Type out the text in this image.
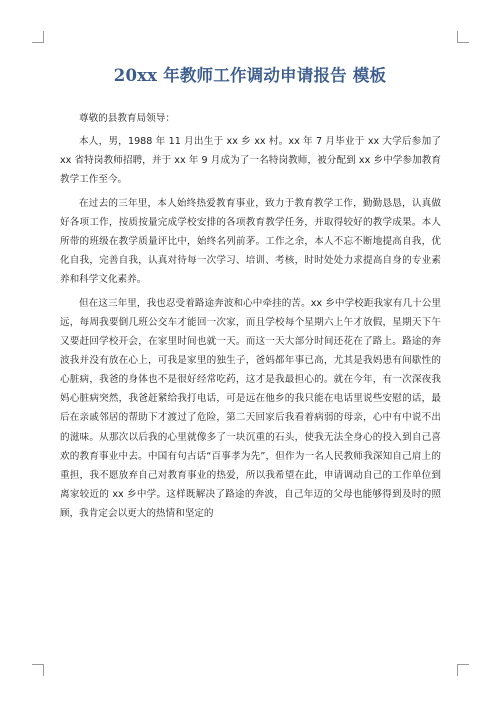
20xx 年教师工作调动申请报告 模板

尊敬的县教育局领导：

本人，男，1988 年 11 月出生于 xx 乡 xx 村。xx 年 7 月毕业于 xx 大学后参加了 xx 省特岗教师招聘，并于 xx 年 9 月成为了一名特岗教师，被分配到 xx 乡中学参加教育教学工作至今。

在过去的三年里，本人始终热爱教育事业，致力于教育教学工作，勤勤恳恳，认真做好各项工作，按质按量完成学校安排的各项教育教学任务，并取得较好的教学成果。本人所带的班级在教学质量评比中，始终名列前茅。工作之余，本人不忘不断地提高自我，优化自我，完善自我，认真对待每一次学习、培训、考核，时时处处力求提高自身的专业素养和科学文化素养。

但在这三年里，我也忍受着路途奔波和心中牵挂的苦。xx 乡中学校距我家有几十公里远，每周我要倒几班公交车才能回一次家，而且学校每个星期六上午才放假，星期天下午又要赶回学校开会，在家里时间也就一天。而这一天大部分时间还花在了路上。路途的奔波我并没有放在心上，可我是家里的独生子，爸妈都年事已高，尤其是我妈患有间歇性的心脏病，我爸的身体也不是很好经常吃药，这才是我最担心的。就在今年，有一次深夜我妈心脏病突然，我爸赶紧给我打电话，可是远在他乡的我只能在电话里说些安慰的话，最后在亲戚邻居的帮助下才渡过了危险，第二天回家后我看着病弱的母亲，心中有中说不出的滋味。从那次以后我的心里就像多了一块沉重的石头，使我无法全身心的投入到自己喜欢的教育事业中去。中国有句古话“百事孝为先”，但作为一名人民教师我深知自己肩上的重担，我不愿放弃自己对教育事业的热爱，所以我希望在此，申请调动自己的工作单位到离家较近的 xx 乡中学。这样既解决了路途的奔波，自己年迈的父母也能够得到及时的照顾，我肯定会以更大的热情和坚定的
